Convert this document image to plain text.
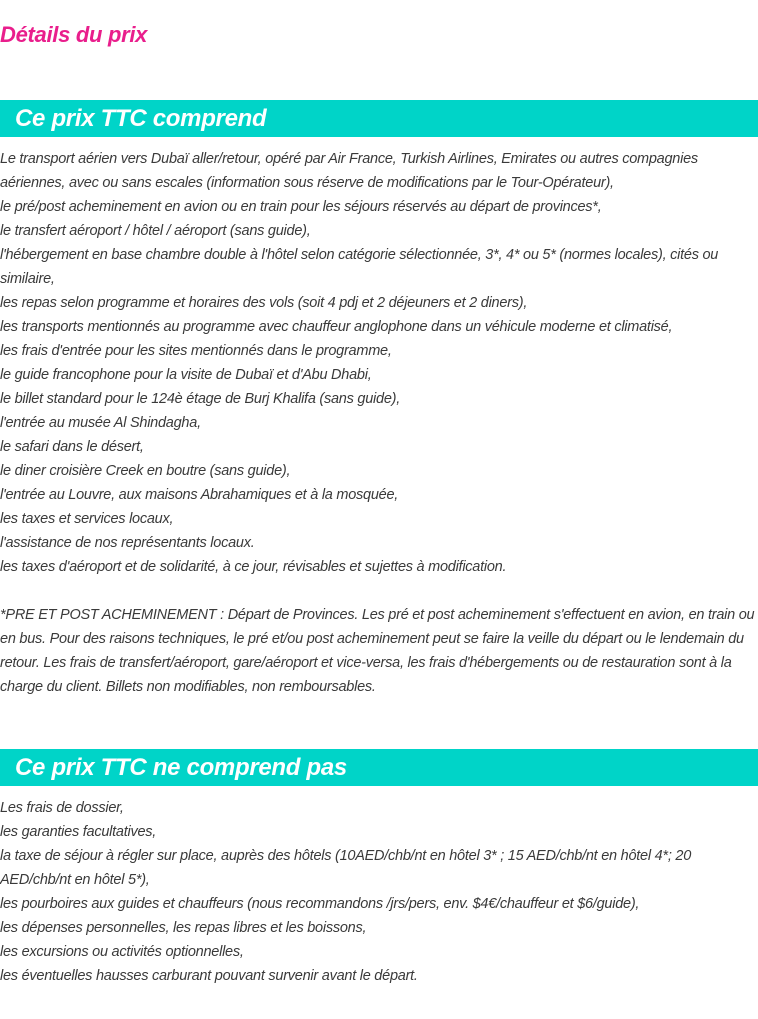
Détails du prix
Ce prix TTC comprend
Le transport aérien vers Dubaï aller/retour, opéré par Air France, Turkish Airlines, Emirates ou autres compagnies aériennes, avec ou sans escales (information sous réserve de modifications par le Tour-Opérateur),
le pré/post acheminement en avion ou en train pour les séjours réservés au départ de provinces*,
le transfert aéroport / hôtel / aéroport (sans guide),
l'hébergement en base chambre double à l'hôtel selon catégorie sélectionnée, 3*, 4* ou 5* (normes locales), cités ou similaire,
les repas selon programme et horaires des vols (soit 4 pdj et 2 déjeuners et 2 diners),
les transports mentionnés au programme avec chauffeur anglophone dans un véhicule moderne et climatisé,
les frais d'entrée pour les sites mentionnés dans le programme,
le guide francophone pour la visite de Dubaï et d'Abu Dhabi,
le billet standard pour le 124è étage de Burj Khalifa (sans guide),
l'entrée au musée Al Shindagha,
le safari dans le désert,
le diner croisière Creek en boutre (sans guide),
l'entrée au Louvre, aux maisons Abrahamiques et à la mosquée,
les taxes et services locaux,
l'assistance de nos représentants locaux.
les taxes d'aéroport et de solidarité, à ce jour, révisables et sujettes à modification.

*PRE ET POST ACHEMINEMENT : Départ de Provinces. Les pré et post acheminement s'effectuent en avion, en train ou en bus. Pour des raisons techniques, le pré et/ou post acheminement peut se faire la veille du départ ou le lendemain du retour. Les frais de transfert/aéroport, gare/aéroport et vice-versa, les frais d'hébergements ou de restauration sont à la charge du client. Billets non modifiables, non remboursables.

Ce prix TTC ne comprend pas
Les frais de dossier,
les garanties facultatives,
la taxe de séjour à régler sur place, auprès des hôtels (10AED/chb/nt en hôtel 3* ; 15 AED/chb/nt en hôtel 4*; 20 AED/chb/nt en hôtel 5*),
les pourboires aux guides et chauffeurs (nous recommandons /jrs/pers, env. $4€/chauffeur et $6/guide),
les dépenses personnelles, les repas libres et les boissons,
les excursions ou activités optionnelles,
les éventuelles hausses carburant pouvant survenir avant le départ.
